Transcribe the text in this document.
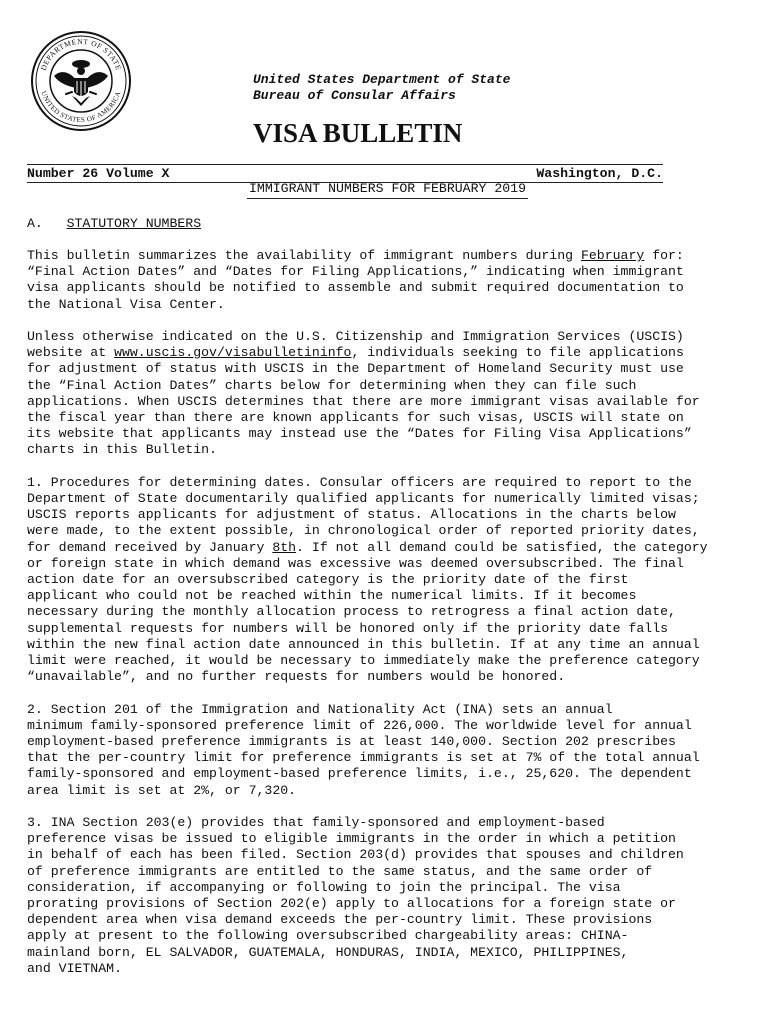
DEPARTMENT OF STATE
UNITED STATES OF AMERICA
United States Department of State
Bureau of Consular Affairs
VISA BULLETIN
Number 26 Volume X	Washington, D.C.
IMMIGRANT NUMBERS FOR FEBRUARY 2019
A. STATUTORY NUMBERS

This bulletin summarizes the availability of immigrant numbers during February for:
“Final Action Dates” and “Dates for Filing Applications,” indicating when immigrant
visa applicants should be notified to assemble and submit required documentation to
the National Visa Center.

Unless otherwise indicated on the U.S. Citizenship and Immigration Services (USCIS)
website at www.uscis.gov/visabulletininfo, individuals seeking to file applications
for adjustment of status with USCIS in the Department of Homeland Security must use
the “Final Action Dates” charts below for determining when they can file such
applications. When USCIS determines that there are more immigrant visas available for
the fiscal year than there are known applicants for such visas, USCIS will state on
its website that applicants may instead use the “Dates for Filing Visa Applications”
charts in this Bulletin.

1. Procedures for determining dates. Consular officers are required to report to the
Department of State documentarily qualified applicants for numerically limited visas;
USCIS reports applicants for adjustment of status. Allocations in the charts below
were made, to the extent possible, in chronological order of reported priority dates,
for demand received by January 8th. If not all demand could be satisfied, the category
or foreign state in which demand was excessive was deemed oversubscribed. The final
action date for an oversubscribed category is the priority date of the first
applicant who could not be reached within the numerical limits. If it becomes
necessary during the monthly allocation process to retrogress a final action date,
supplemental requests for numbers will be honored only if the priority date falls
within the new final action date announced in this bulletin. If at any time an annual
limit were reached, it would be necessary to immediately make the preference category
“unavailable”, and no further requests for numbers would be honored.

2. Section 201 of the Immigration and Nationality Act (INA) sets an annual
minimum family-sponsored preference limit of 226,000. The worldwide level for annual
employment-based preference immigrants is at least 140,000. Section 202 prescribes
that the per-country limit for preference immigrants is set at 7% of the total annual
family-sponsored and employment-based preference limits, i.e., 25,620. The dependent
area limit is set at 2%, or 7,320.

3. INA Section 203(e) provides that family-sponsored and employment-based
preference visas be issued to eligible immigrants in the order in which a petition
in behalf of each has been filed. Section 203(d) provides that spouses and children
of preference immigrants are entitled to the same status, and the same order of
consideration, if accompanying or following to join the principal. The visa
prorating provisions of Section 202(e) apply to allocations for a foreign state or
dependent area when visa demand exceeds the per-country limit. These provisions
apply at present to the following oversubscribed chargeability areas: CHINA-
mainland born, EL SALVADOR, GUATEMALA, HONDURAS, INDIA, MEXICO, PHILIPPINES,
and VIETNAM.
